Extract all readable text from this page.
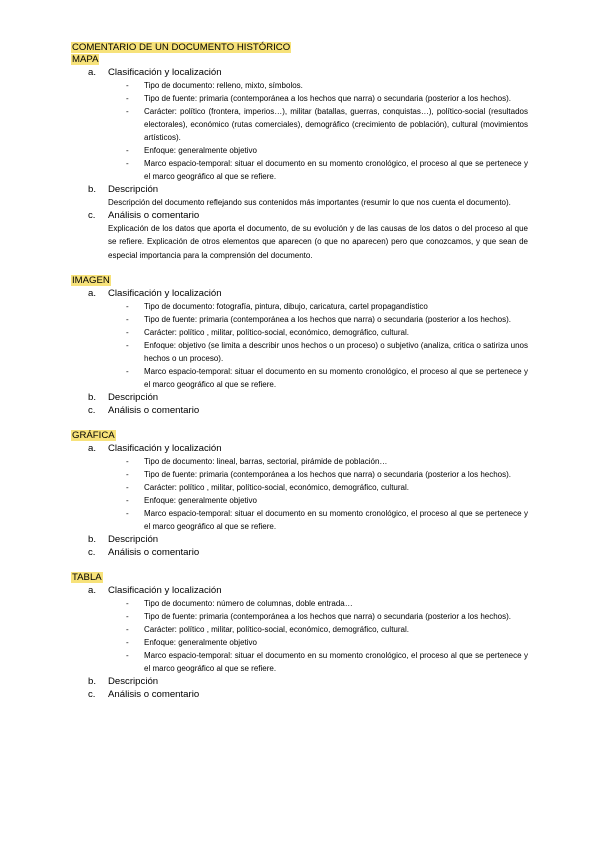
COMENTARIO DE UN DOCUMENTO HISTÓRICO
MAPA
a. Clasificación y localización
- Tipo de documento: relleno, mixto, símbolos.
- Tipo de fuente: primaria (contemporánea a los hechos que narra) o secundaria (posterior a los hechos).
- Carácter: político (frontera, imperios…), militar (batallas, guerras, conquistas…), político-social (resultados electorales), económico (rutas comerciales), demográfico (crecimiento de población), cultural (movimientos artísticos).
- Enfoque: generalmente objetivo
- Marco espacio-temporal: situar el documento en su momento cronológico, el proceso al que se pertenece y el marco geográfico al que se refiere.
b. Descripción
Descripción del documento reflejando sus contenidos más importantes (resumir lo que nos cuenta el documento).
c. Análisis o comentario
Explicación de los datos que aporta el documento, de su evolución y de las causas de los datos o del proceso al que se refiere. Explicación de otros elementos que aparecen (o que no aparecen) pero que conozcamos, y que sean de especial importancia para la comprensión del documento.
IMAGEN
a. Clasificación y localización
- Tipo de documento: fotografía, pintura, dibujo, caricatura, cartel propagandístico
- Tipo de fuente: primaria (contemporánea a los hechos que narra) o secundaria (posterior a los hechos).
- Carácter: político , militar, político-social, económico, demográfico, cultural.
- Enfoque: objetivo (se limita a describir unos hechos o un proceso) o subjetivo (analiza, critica o satiriza unos hechos o un proceso).
- Marco espacio-temporal: situar el documento en su momento cronológico, el proceso al que se pertenece y el marco geográfico al que se refiere.
b. Descripción
c. Análisis o comentario
GRÁFICA
a. Clasificación y localización
- Tipo de documento: lineal, barras, sectorial, pirámide de población…
- Tipo de fuente: primaria (contemporánea a los hechos que narra) o secundaria (posterior a los hechos).
- Carácter: político , militar, político-social, económico, demográfico, cultural.
- Enfoque: generalmente objetivo
- Marco espacio-temporal: situar el documento en su momento cronológico, el proceso al que se pertenece y el marco geográfico al que se refiere.
b. Descripción
c. Análisis o comentario
TABLA
a. Clasificación y localización
- Tipo de documento: número de columnas, doble entrada…
- Tipo de fuente: primaria (contemporánea a los hechos que narra) o secundaria (posterior a los hechos).
- Carácter: político , militar, político-social, económico, demográfico, cultural.
- Enfoque: generalmente objetivo
- Marco espacio-temporal: situar el documento en su momento cronológico, el proceso al que se pertenece y el marco geográfico al que se refiere.
b. Descripción
c. Análisis o comentario
